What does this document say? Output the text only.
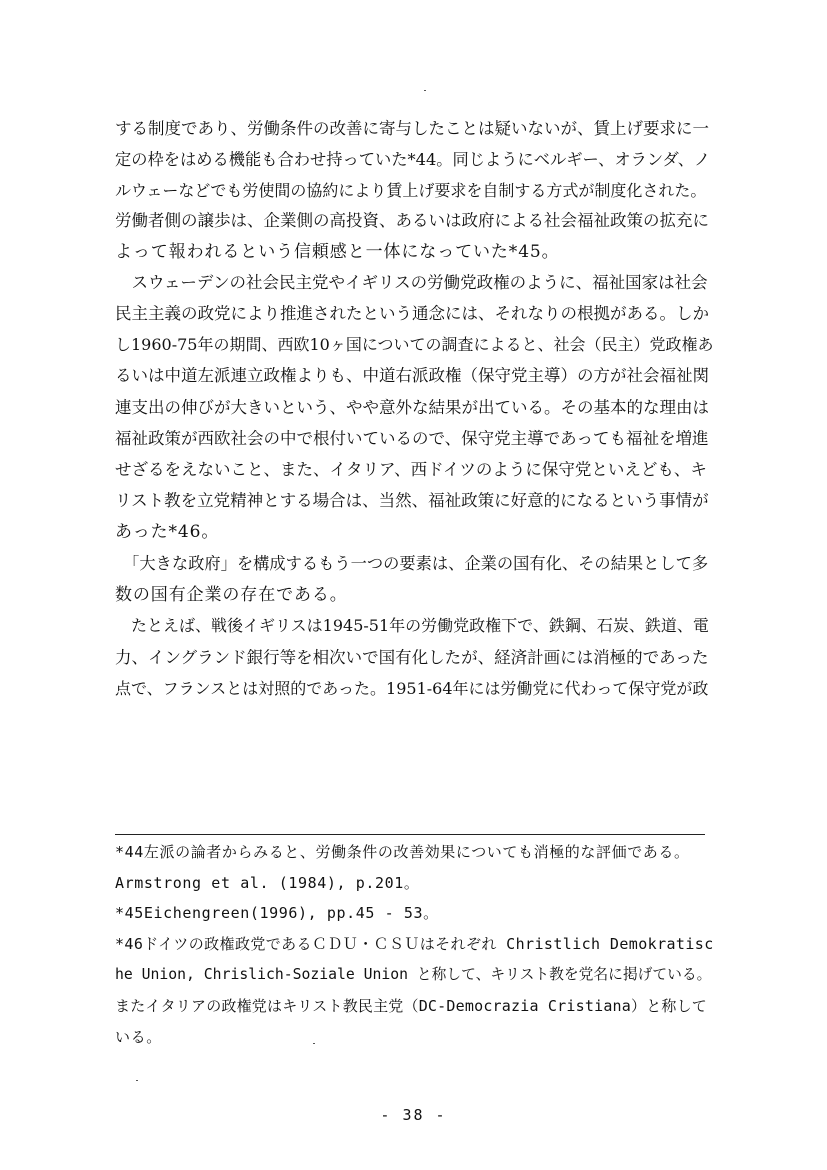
する制度であり、労働条件の改善に寄与したことは疑いないが、賃上げ要求に一
定の枠をはめる機能も合わせ持っていた*44。同じようにベルギー、オランダ、ノ
ルウェーなどでも労使間の協約により賃上げ要求を自制する方式が制度化された。
労働者側の譲歩は、企業側の高投資、あるいは政府による社会福祉政策の拡充に
よって報われるという信頼感と一体になっていた*45。
　スウェーデンの社会民主党やイギリスの労働党政権のように、福祉国家は社会
民主主義の政党により推進されたという通念には、それなりの根拠がある。しか
し1960-75年の期間、西欧10ヶ国についての調査によると、社会（民主）党政権あ
るいは中道左派連立政権よりも、中道右派政権（保守党主導）の方が社会福祉関
連支出の伸びが大きいという、やや意外な結果が出ている。その基本的な理由は
福祉政策が西欧社会の中で根付いているので、保守党主導であっても福祉を増進
せざるをえないこと、また、イタリア、西ドイツのように保守党といえども、キ
リスト教を立党精神とする場合は、当然、福祉政策に好意的になるという事情が
あった*46。
　「大きな政府」を構成するもう一つの要素は、企業の国有化、その結果として多
数の国有企業の存在である。
　たとえば、戦後イギリスは1945-51年の労働党政権下で、鉄鋼、石炭、鉄道、電
力、イングランド銀行等を相次いで国有化したが、経済計画には消極的であった
点で、フランスとは対照的であった。1951-64年には労働党に代わって保守党が政
*44左派の論者からみると、労働条件の改善効果についても消極的な評価である。
Armstrong et al. (1984), p.201。
*45Eichengreen(1996), pp.45 - 53。
*46ドイツの政権政党であるＣＤＵ・ＣＳＵはそれぞれ Christlich Demokratisc
he Union, Chrislich-Soziale Union と称して、キリスト教を党名に掲げている。
またイタリアの政権党はキリスト教民主党（DC-Democrazia Cristiana）と称して
いる。
- 38 -
